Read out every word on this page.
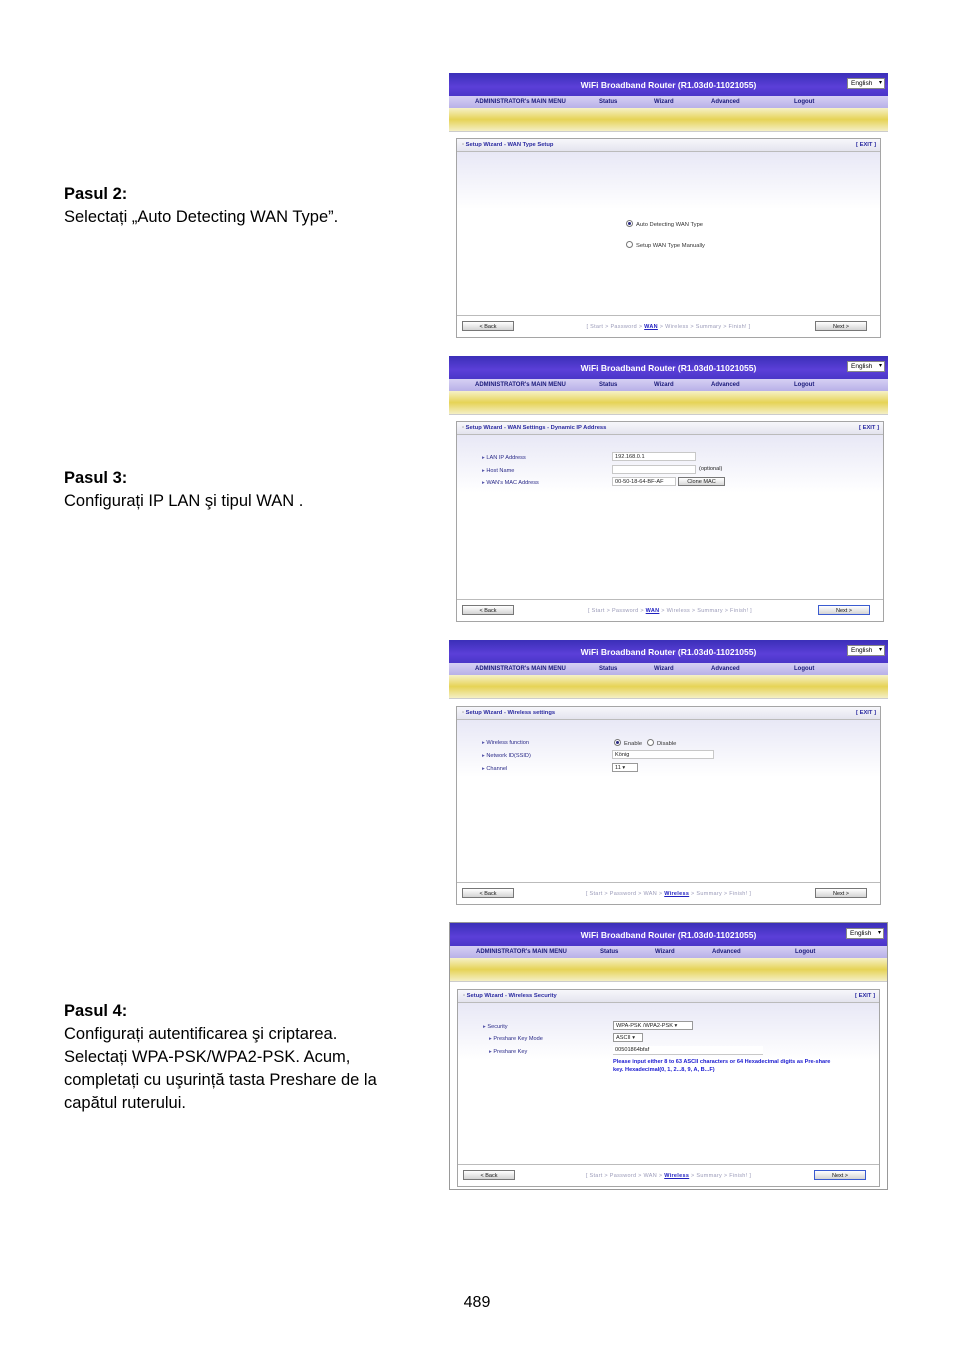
Pasul 2:

Selectați „Auto Detecting WAN Type”.

Pasul 3:

Configurați IP LAN şi tipul WAN .

Pasul 4:

Configurați autentificarea şi criptarea.

Selectați WPA-PSK/WPA2-PSK. Acum,

completați cu uşurință tasta Preshare de la

capătul ruterului.

WiFi Broadband Router (R1.03d0-11021055)	English ▾
ADMINISTRATOR's MAIN MENU	Status	Wizard	Advanced	Logout
▫ Setup Wizard - WAN Type Setup	[ EXIT ]
Auto Detecting WAN Type
Setup WAN Type Manually
< Back	[ Start > Password > WAN > Wireless > Summary > Finish! ]	Next >
WiFi Broadband Router (R1.03d0-11021055)	English ▾
ADMINISTRATOR's MAIN MENU	Status	Wizard	Advanced	Logout
▫ Setup Wizard - WAN Settings - Dynamic IP Address	[ EXIT ]
▸ LAN IP Address	192.168.0.1
▸ Host Name	(optional)
▸ WAN's MAC Address	00-50-18-64-BF-AF	Clone MAC
< Back	[ Start > Password > WAN > Wireless > Summary > Finish! ]	Next >
WiFi Broadband Router (R1.03d0-11021055)	English ▾
ADMINISTRATOR's MAIN MENU	Status	Wizard	Advanced	Logout
▫ Setup Wizard - Wireless settings	[ EXIT ]
▸ Wireless function	Enable	Disable
▸ Network ID(SSID)	König
▸ Channel	11 ▾
< Back	[ Start > Password > WAN > Wireless > Summary > Finish! ]	Next >
WiFi Broadband Router (R1.03d0-11021055)	English ▾
ADMINISTRATOR's MAIN MENU	Status	Wizard	Advanced	Logout
▫ Setup Wizard - Wireless Security	[ EXIT ]
▸ Security	WPA-PSK /WPA2-PSK ▾
▸ Preshare Key Mode	ASCII ▾
▸ Preshare Key	00501864bfaf
Please input either 8 to 63 ASCII characters or 64 Hexadecimal digits as Pre-share
key. Hexadecimal(0, 1, 2...8, 9, A, B...F)
< Back	[ Start > Password > WAN > Wireless > Summary > Finish! ]	Next >
489
